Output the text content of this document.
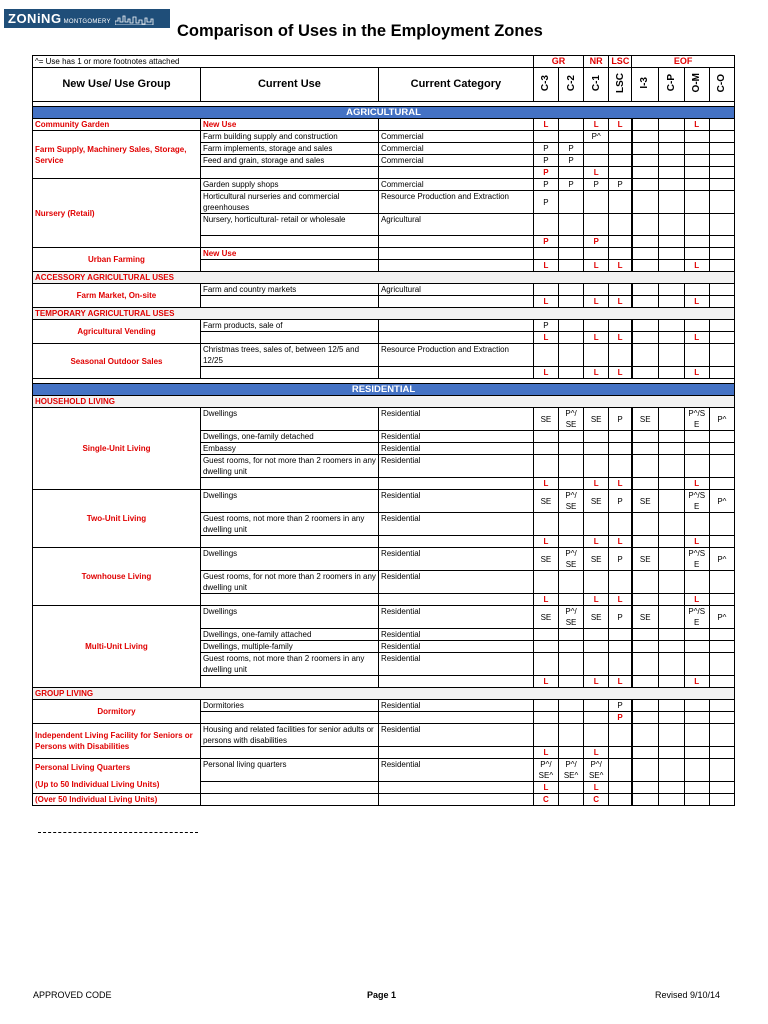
ZONiNG MONTGOMERY
Comparison of Uses in the Employment Zones
^= Use has 1 or more footnotes attached			GR		NR	LSC	EOF			
New Use/ Use Group	Current Use	Current Category	C-3	C-2	C-1	LSC	I-3	C-P	O-M	C-O

AGRICULTURAL										

Community Garden	New Use		L		L	L			L	

Farm Supply, Machinery Sales, Storage, Service	Farm building supply and construction	Commercial			P^					
	Farm implements, storage and sales	Commercial	P	P						
	Feed and grain, storage and sales	Commercial	P	P						
			P		L					

Nursery (Retail)	Garden supply shops	Commercial	P	P	P	P				
	Horticultural nurseries and commercial greenhouses	Resource Production and Extraction	P							
	Nursery, horticultural- retail or wholesale	Agricultural								
			P		P					

Urban Farming	New Use									
			L		L	L			L	
ACCESSORY AGRICULTURAL USES										

Farm Market, On-site	Farm and country markets	Agricultural								
			L		L	L			L	
TEMPORARY AGRICULTURAL USES										

Agricultural Vending	Farm products, sale of		P							
			L		L	L			L	

Seasonal Outdoor Sales	Christmas trees, sales of, between 12/5 and 12/25	Resource Production and Extraction								
			L		L	L			L	

RESIDENTIAL										
HOUSEHOLD LIVING										

Single-Unit Living	Dwellings	Residential	SE	P^/ SE	SE	P	SE		P^/S E	P^
	Dwellings, one-family detached	Residential								
	Embassy	Residential								
	Guest rooms, for not more than 2 roomers in any dwelling unit	Residential								
			L		L	L			L	

Two-Unit Living	Dwellings	Residential	SE	P^/ SE	SE	P	SE		P^/S E	P^
	Guest rooms, not more than 2 roomers in any dwelling unit	Residential								
			L		L	L			L	

Townhouse Living	Dwellings	Residential	SE	P^/ SE	SE	P	SE		P^/S E	P^
	Guest rooms, for not more than 2 roomers in any dwelling unit	Residential								
			L		L	L			L	

Multi-Unit Living	Dwellings	Residential	SE	P^/ SE	SE	P	SE		P^/S E	P^
	Dwellings, one-family attached	Residential								
	Dwellings, multiple-family	Residential								
	Guest rooms, not more than 2 roomers in any dwelling unit	Residential								
			L		L	L			L	
GROUP LIVING										

Dormitory	Dormitories	Residential				P				
						P				

Independent Living Facility for Seniors or Persons with Disabilities	Housing and related facilities for senior adults or persons with disabilities	Residential								
			L		L					

Personal Living Quarters
(Up to 50 Individual Living Units)	Personal living quarters	Residential	P^/ SE^	P^/ SE^	P^/ SE^					
			L		L					

(Over 50 Individual Living Units)			C		C					
APPROVED CODE	Page 1	Revised 9/10/14
